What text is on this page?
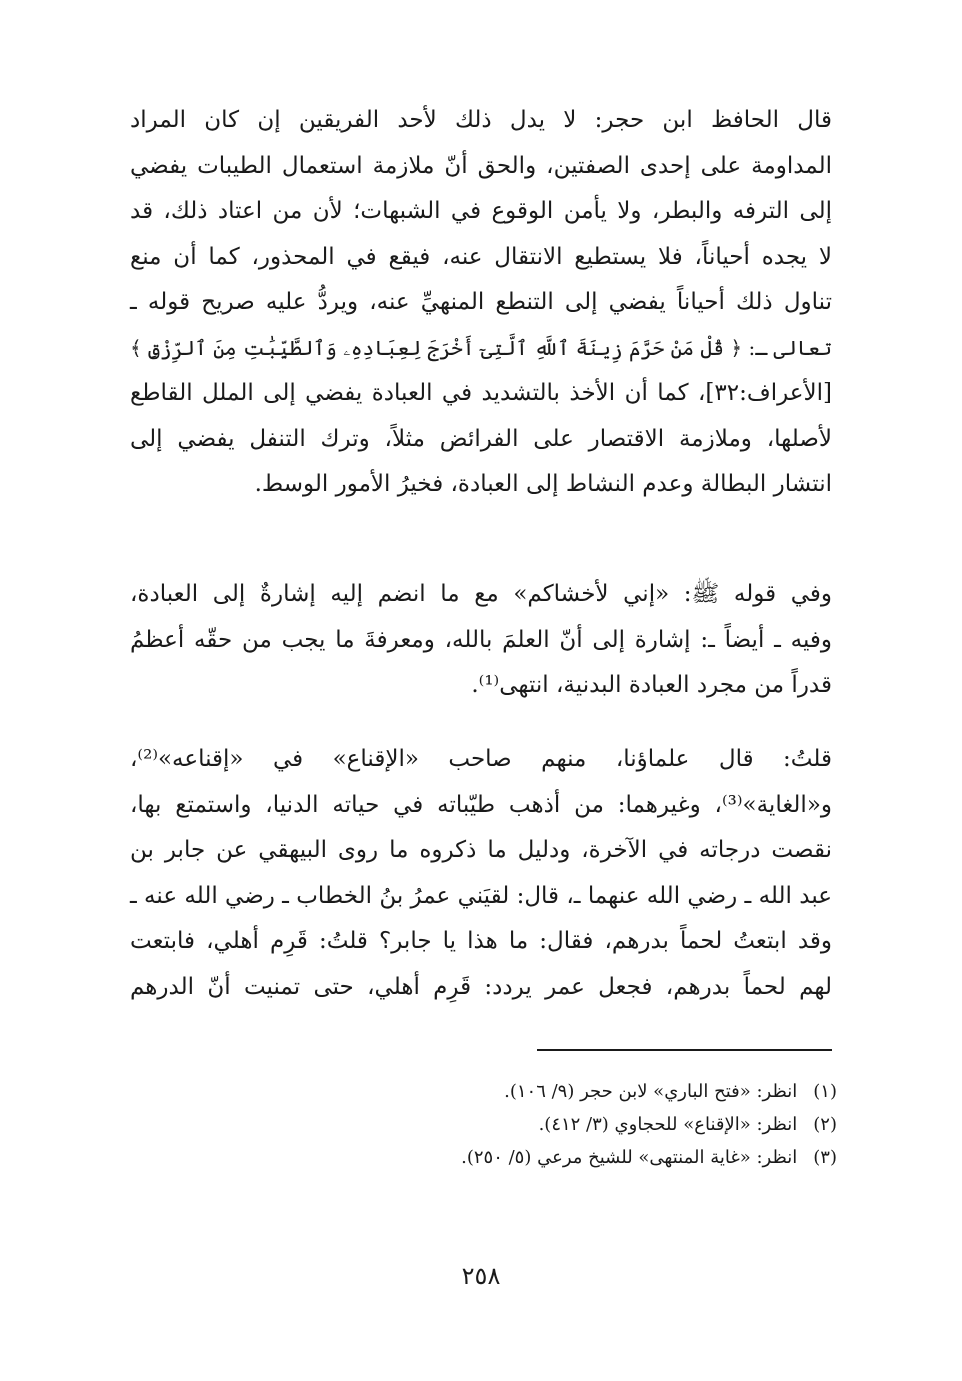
قال الحافظ ابن حجر: لا يدل ذلك لأحد الفريقين إن كان المراد
المداومة على إحدى الصفتين، والحق أنّ ملازمة استعمال الطيبات يفضي
إلى الترفه والبطر، ولا يأمن الوقوع في الشبهات؛ لأن من اعتاد ذلك، قد
لا يجده أحياناً، فلا يستطيع الانتقال عنه، فيقع في المحذور، كما أن منع
تناول ذلك أحياناً يفضي إلى التنطع المنهيِّ عنه، ويردُّ عليه صريح قوله ـ
تعالى ـ: ﴿ قُلْ مَنْ حَرَّمَ زِينَةَ ٱللَّهِ ٱلَّتِىٓ أَخْرَجَ لِعِبَادِهِۦ وَٱلطَّيِّبَٰتِ مِنَ ٱلرِّزْقِ ﴾
[الأعراف:٣٢]، كما أن الأخذ بالتشديد في العبادة يفضي إلى الملل القاطع
لأصلها، وملازمة الاقتصار على الفرائض مثلاً، وترك التنفل يفضي إلى
انتشار البطالة وعدم النشاط إلى العبادة، فخيرُ الأمور الوسط.
وفي قوله ﷺ: «إني لأخشاكم» مع ما انضم إليه إشارةٌ إلى العبادة،
وفيه ـ أيضاً ـ: إشارة إلى أنّ العلمَ بالله، ومعرفةَ ما يجب من حقّه أعظمُ
قدراً من مجرد العبادة البدنية، انتهى⁽¹⁾.
قلتُ: قال علماؤنا، منهم صاحب «الإقناع» في «إقناعه»⁽²⁾،
و«الغاية»⁽³⁾، وغيرهما: من أذهب طيّباته في حياته الدنيا، واستمتع بها،
نقصت درجاته في الآخرة، ودليل ما ذكروه ما روى البيهقي عن جابر بن
عبد الله ـ رضي الله عنهما ـ، قال: لقيَني عمرُ بنُ الخطاب ـ رضي الله عنه ـ
وقد ابتعتُ لحماً بدرهم، فقال: ما هذا يا جابر؟ قلتُ: قَرِم أهلي، فابتعت
لهم لحماً بدرهم، فجعل عمر يردد: قَرِم أهلي، حتى تمنيت أنّ الدرهم
(١) انظر: «فتح الباري» لابن حجر (٩/ ١٠٦).
(٢) انظر: «الإقناع» للحجاوي (٣/ ٤١٢).
(٣) انظر: «غاية المنتهى» للشيخ مرعي (٥/ ٢٥٠).
٢٥٨
